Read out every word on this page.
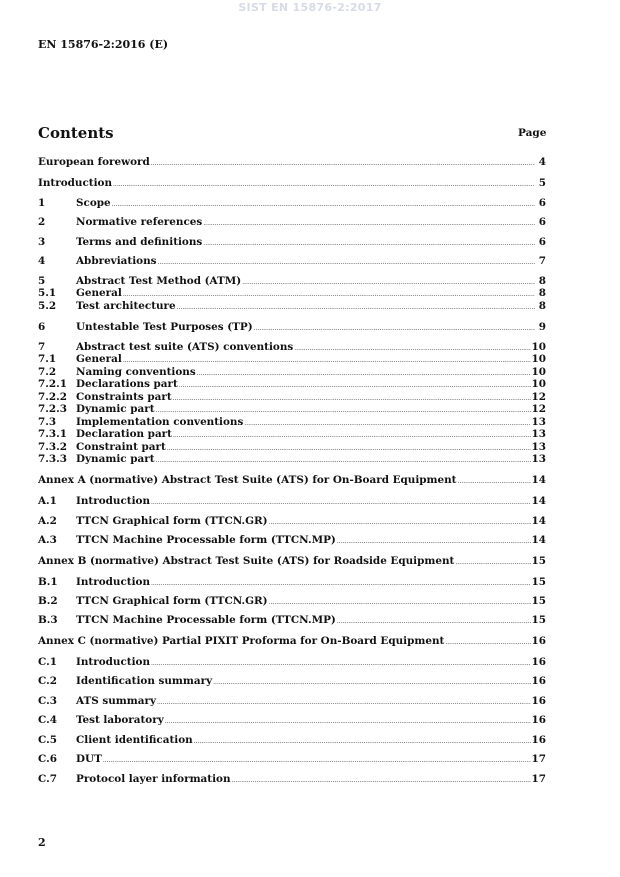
SIST EN 15876-2:2017
EN 15876-2:2016 (E)
Contents	Page
European foreword .....	4
Introduction .....	5
1	Scope .....	6
2	Normative references .....	6
3	Terms and definitions .....	6
4	Abbreviations .....	7
5	Abstract Test Method (ATM) .....	8
5.1	General .....	8
5.2	Test architecture .....	8
6	Untestable Test Purposes (TP) .....	9
7	Abstract test suite (ATS) conventions .....	10
7.1	General .....	10
7.2	Naming conventions .....	10
7.2.1 Declarations part .....	10
7.2.2 Constraints part .....	12
7.2.3 Dynamic part .....	12
7.3	Implementation conventions .....	13
7.3.1 Declaration part .....	13
7.3.2 Constraint part .....	13
7.3.3 Dynamic part .....	13
Annex A (normative) Abstract Test Suite (ATS) for On-Board Equipment .....	14
A.1	Introduction .....	14
A.2	TTCN Graphical form (TTCN.GR) .....	14
A.3	TTCN Machine Processable form (TTCN.MP) .....	14
Annex B (normative) Abstract Test Suite (ATS) for Roadside Equipment .....	15
B.1	Introduction .....	15
B.2	TTCN Graphical form (TTCN.GR) .....	15
B.3	TTCN Machine Processable form (TTCN.MP) .....	15
Annex C (normative) Partial PIXIT Proforma for On-Board Equipment .....	16
C.1	Introduction .....	16
C.2	Identification summary .....	16
C.3	ATS summary .....	16
C.4	Test laboratory .....	16
C.5	Client identification .....	16
C.6	DUT .....	17
C.7	Protocol layer information .....	17
2
